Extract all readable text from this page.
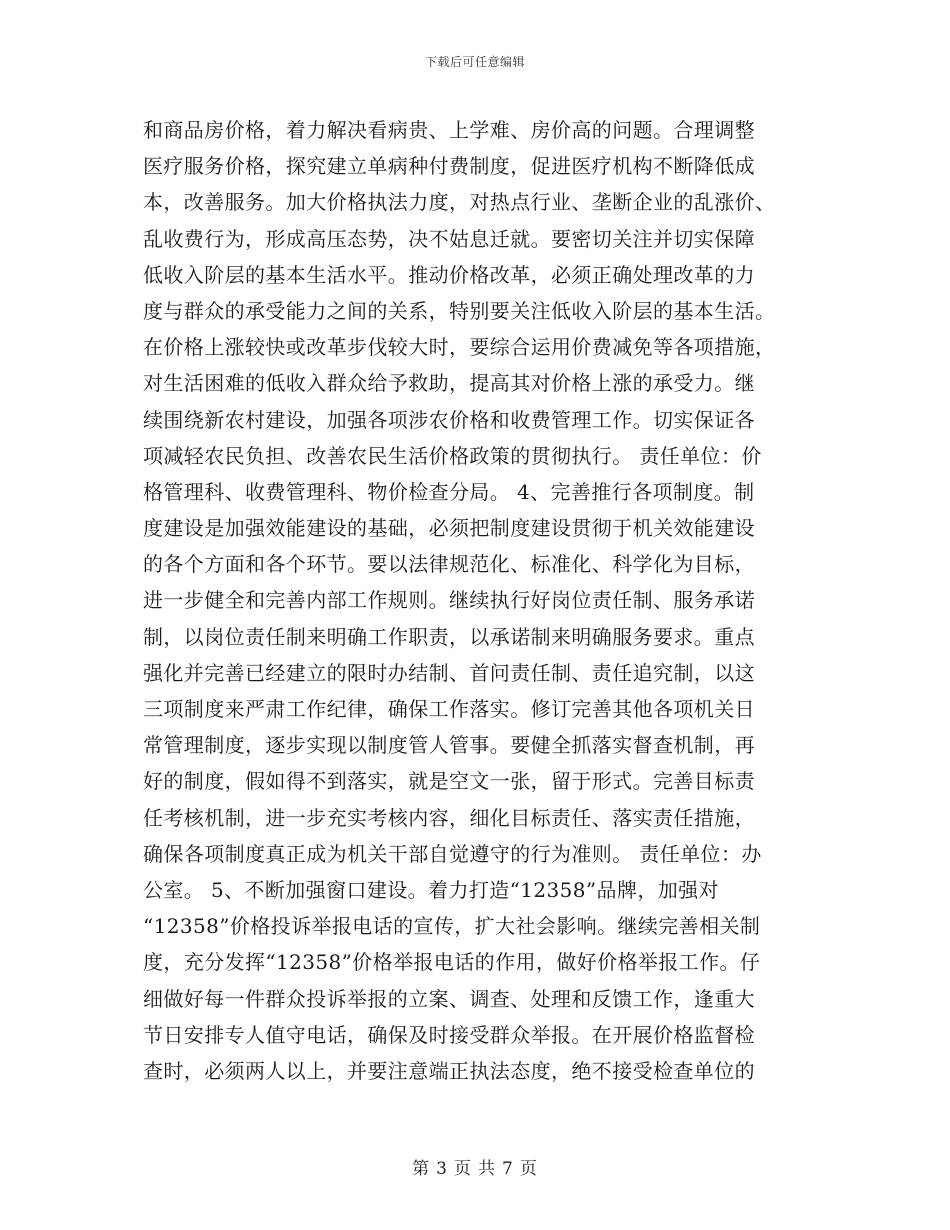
下载后可任意编辑
和商品房价格，着力解决看病贵、上学难、房价高的问题。合理调整
医疗服务价格，探究建立单病种付费制度，促进医疗机构不断降低成
本，改善服务。加大价格执法力度，对热点行业、垄断企业的乱涨价、
乱收费行为，形成高压态势，决不姑息迁就。要密切关注并切实保障
低收入阶层的基本生活水平。推动价格改革，必须正确处理改革的力
度与群众的承受能力之间的关系，特别要关注低收入阶层的基本生活。
在价格上涨较快或改革步伐较大时，要综合运用价费减免等各项措施，
对生活困难的低收入群众给予救助，提高其对价格上涨的承受力。继
续围绕新农村建设，加强各项涉农价格和收费管理工作。切实保证各
项减轻农民负担、改善农民生活价格政策的贯彻执行。 责任单位：价
格管理科、收费管理科、物价检查分局。 4、完善推行各项制度。制
度建设是加强效能建设的基础，必须把制度建设贯彻于机关效能建设
的各个方面和各个环节。要以法律规范化、标准化、科学化为目标，
进一步健全和完善内部工作规则。继续执行好岗位责任制、服务承诺
制，以岗位责任制来明确工作职责，以承诺制来明确服务要求。重点
强化并完善已经建立的限时办结制、首问责任制、责任追究制，以这
三项制度来严肃工作纪律，确保工作落实。修订完善其他各项机关日
常管理制度，逐步实现以制度管人管事。要健全抓落实督查机制，再
好的制度，假如得不到落实，就是空文一张，留于形式。完善目标责
任考核机制，进一步充实考核内容，细化目标责任、落实责任措施，
确保各项制度真正成为机关干部自觉遵守的行为准则。 责任单位：办
公室。 5、不断加强窗口建设。着力打造“12358”品牌，加强对
“12358”价格投诉举报电话的宣传，扩大社会影响。继续完善相关制
度，充分发挥“12358”价格举报电话的作用，做好价格举报工作。仔
细做好每一件群众投诉举报的立案、调查、处理和反馈工作，逢重大
节日安排专人值守电话，确保及时接受群众举报。在开展价格监督检
查时，必须两人以上，并要注意端正执法态度，绝不接受检查单位的
第 3 页 共 7 页
